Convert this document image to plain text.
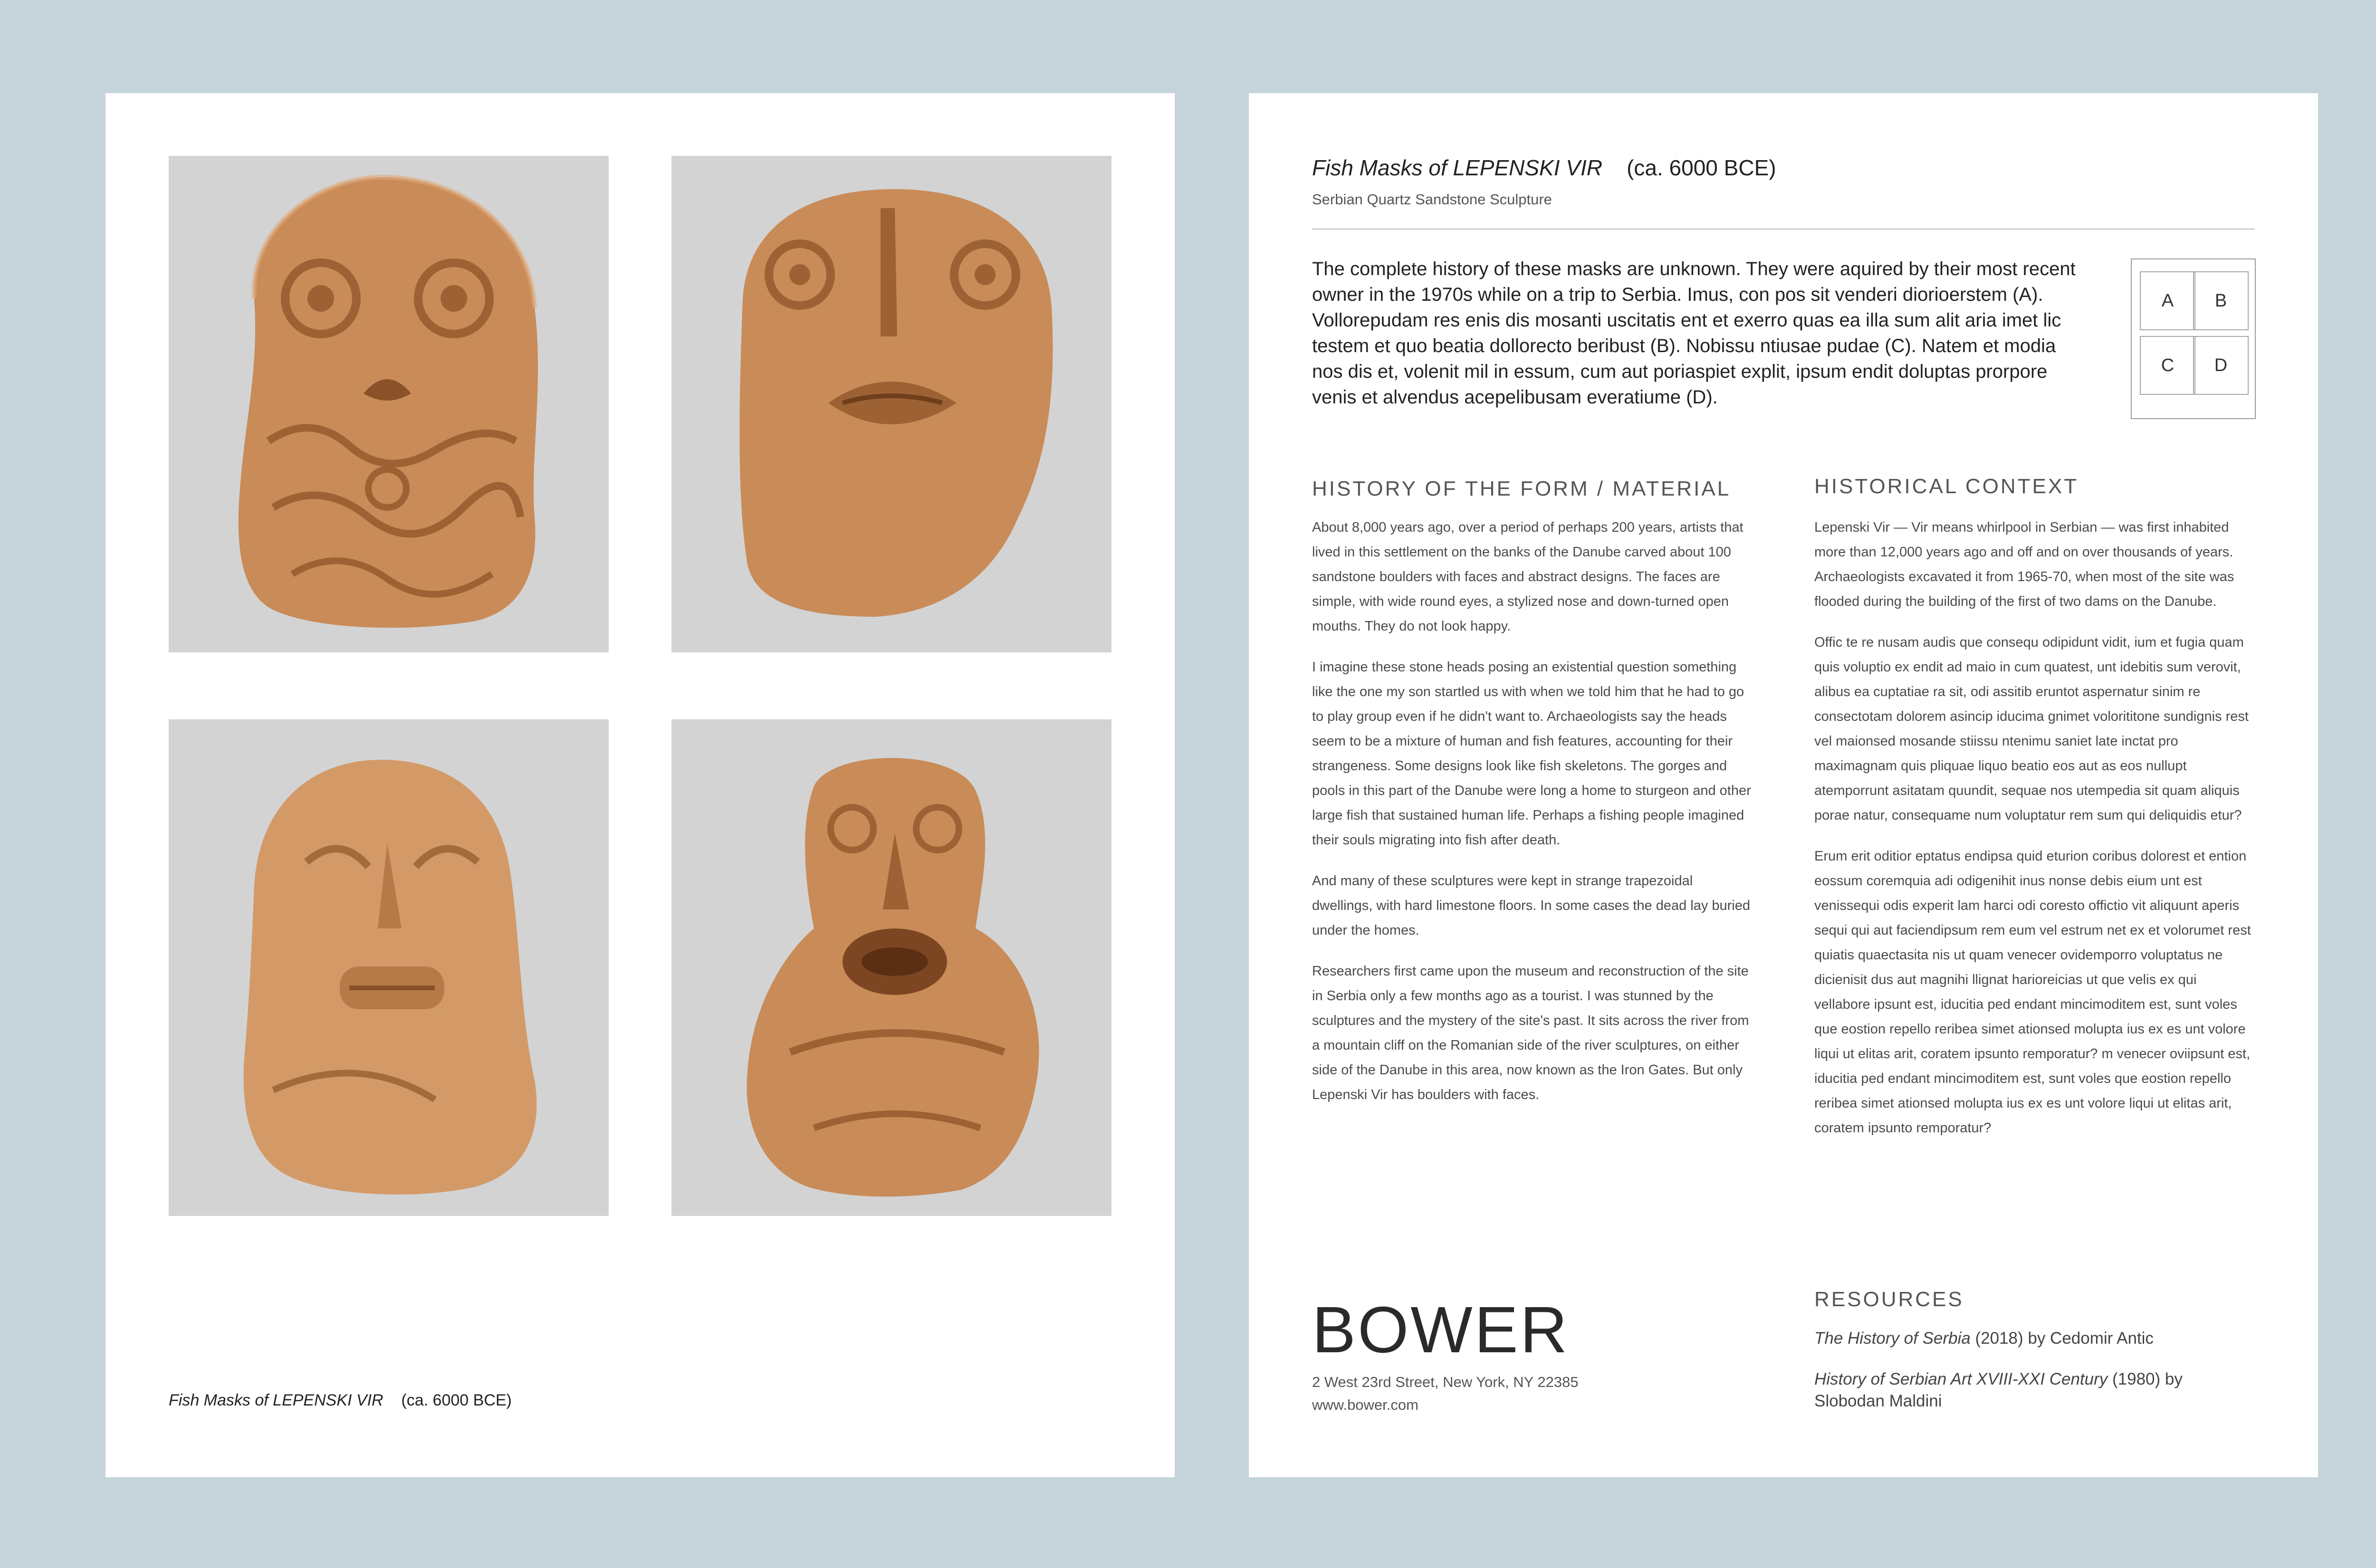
Fish Masks of LEPENSKI VIR (ca. 6000 BCE)
Fish Masks of LEPENSKI VIR (ca. 6000 BCE)
Serbian Quartz Sandstone Sculpture
The complete history of these masks are unknown. They were aquired by their most recent owner in the 1970s while on a trip to Serbia. Imus, con pos sit venderi diorioerstem (A). Vollorepudam res enis dis mosanti uscitatis ent et exerro quas ea illa sum alit aria imet lic testem et quo beatia dollorecto beribust (B). Nobissu ntiusae pudae (C). Natem et modia nos dis et, volenit mil in essum, cum aut poriaspiet explit, ipsum endit doluptas prorpore venis et alvendus acepelibusam everatiume (D).
A	B
C	D
HISTORY OF THE FORM / MATERIAL

About 8,000 years ago, over a period of perhaps 200 years, artists that lived in this settlement on the banks of the Danube carved about 100 sandstone boulders with faces and abstract designs. The faces are simple, with wide round eyes, a stylized nose and down-turned open mouths. They do not look happy.

I imagine these stone heads posing an existential question something like the one my son startled us with when we told him that he had to go to play group even if he didn't want to. Archaeologists say the heads seem to be a mixture of human and fish features, accounting for their strangeness. Some designs look like fish skeletons. The gorges and pools in this part of the Danube were long a home to sturgeon and other large fish that sustained human life. Perhaps a fishing people imagined their souls migrating into fish after death.

And many of these sculptures were kept in strange trapezoidal dwellings, with hard limestone floors. In some cases the dead lay buried under the homes.

Researchers first came upon the museum and reconstruction of the site in Serbia only a few months ago as a tourist. I was stunned by the sculptures and the mystery of the site's past. It sits across the river from a mountain cliff on the Romanian side of the river sculptures, on either side of the Danube in this area, now known as the Iron Gates. But only Lepenski Vir has boulders with faces.

HISTORICAL CONTEXT

Lepenski Vir — Vir means whirlpool in Serbian — was first inhabited more than 12,000 years ago and off and on over thousands of years. Archaeologists excavated it from 1965-70, when most of the site was flooded during the building of the first of two dams on the Danube.

Offic te re nusam audis que consequ odipidunt vidit, ium et fugia quam quis voluptio ex endit ad maio in cum quatest, unt idebitis sum verovit, alibus ea cuptatiae ra sit, odi assitib eruntot aspernatur sinim re consectotam dolorem asincip iducima gnimet volorititone sundignis rest vel maionsed mosande stiissu ntenimu saniet late inctat pro maximagnam quis pliquae liquo beatio eos aut as eos nullupt atemporrunt asitatam quundit, sequae nos utempedia sit quam aliquis porae natur, consequame num voluptatur rem sum qui deliquidis etur?

Erum erit oditior eptatus endipsa quid eturion coribus dolorest et ention eossum coremquia adi odigenihit inus nonse debis eium unt est venissequi odis experit lam harci odi coresto offictio vit aliquunt aperis sequi qui aut faciendipsum rem eum vel estrum net ex et volorumet rest quiatis quaectasita nis ut quam venecer ovidemporro voluptatus ne dicienisit dus aut magnihi llignat harioreicias ut que velis ex qui vellabore ipsunt est, iducitia ped endant mincimoditem est, sunt voles que eostion repello reribea simet ationsed molupta ius ex es unt volore liqui ut elitas arit, coratem ipsunto remporatur? m venecer oviipsunt est, iducitia ped endant mincimoditem est, sunt voles que eostion repello reribea simet ationsed molupta ius ex es unt volore liqui ut elitas arit, coratem ipsunto remporatur?

BOWER
2 West 23rd Street, New York, NY 22385
www.bower.com
RESOURCES

The History of Serbia (2018) by Cedomir Antic

History of Serbian Art XVIII-XXI Century (1980) by Slobodan Maldini
